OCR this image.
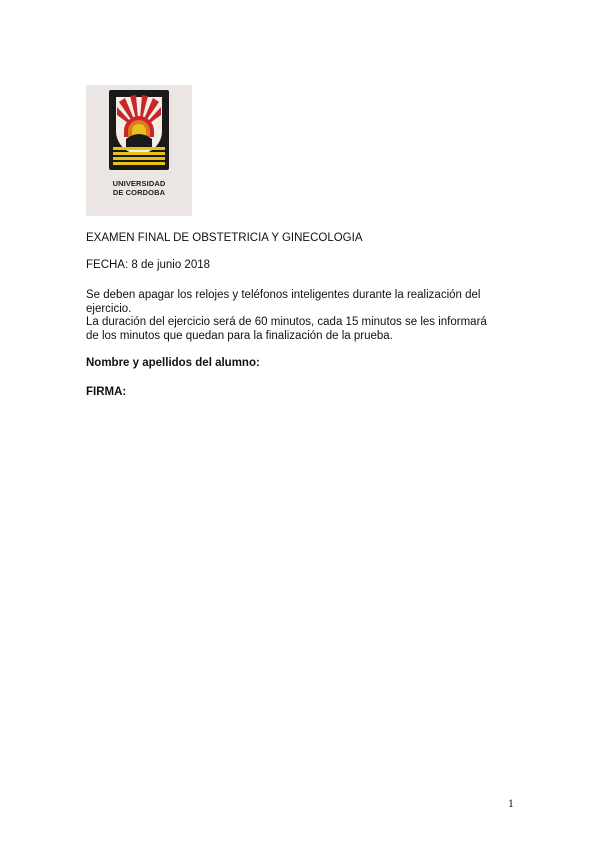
UNIVERSIDAD
DE CORDOBA
EXAMEN FINAL DE OBSTETRICIA Y GINECOLOGIA
FECHA: 8 de junio 2018
Se deben apagar los relojes y teléfonos inteligentes durante la realización del
ejercicio.
La duración del ejercicio será de 60 minutos, cada 15 minutos se les informará
de los minutos que quedan para la finalización de la prueba.
Nombre y apellidos del alumno:
FIRMA:
1
